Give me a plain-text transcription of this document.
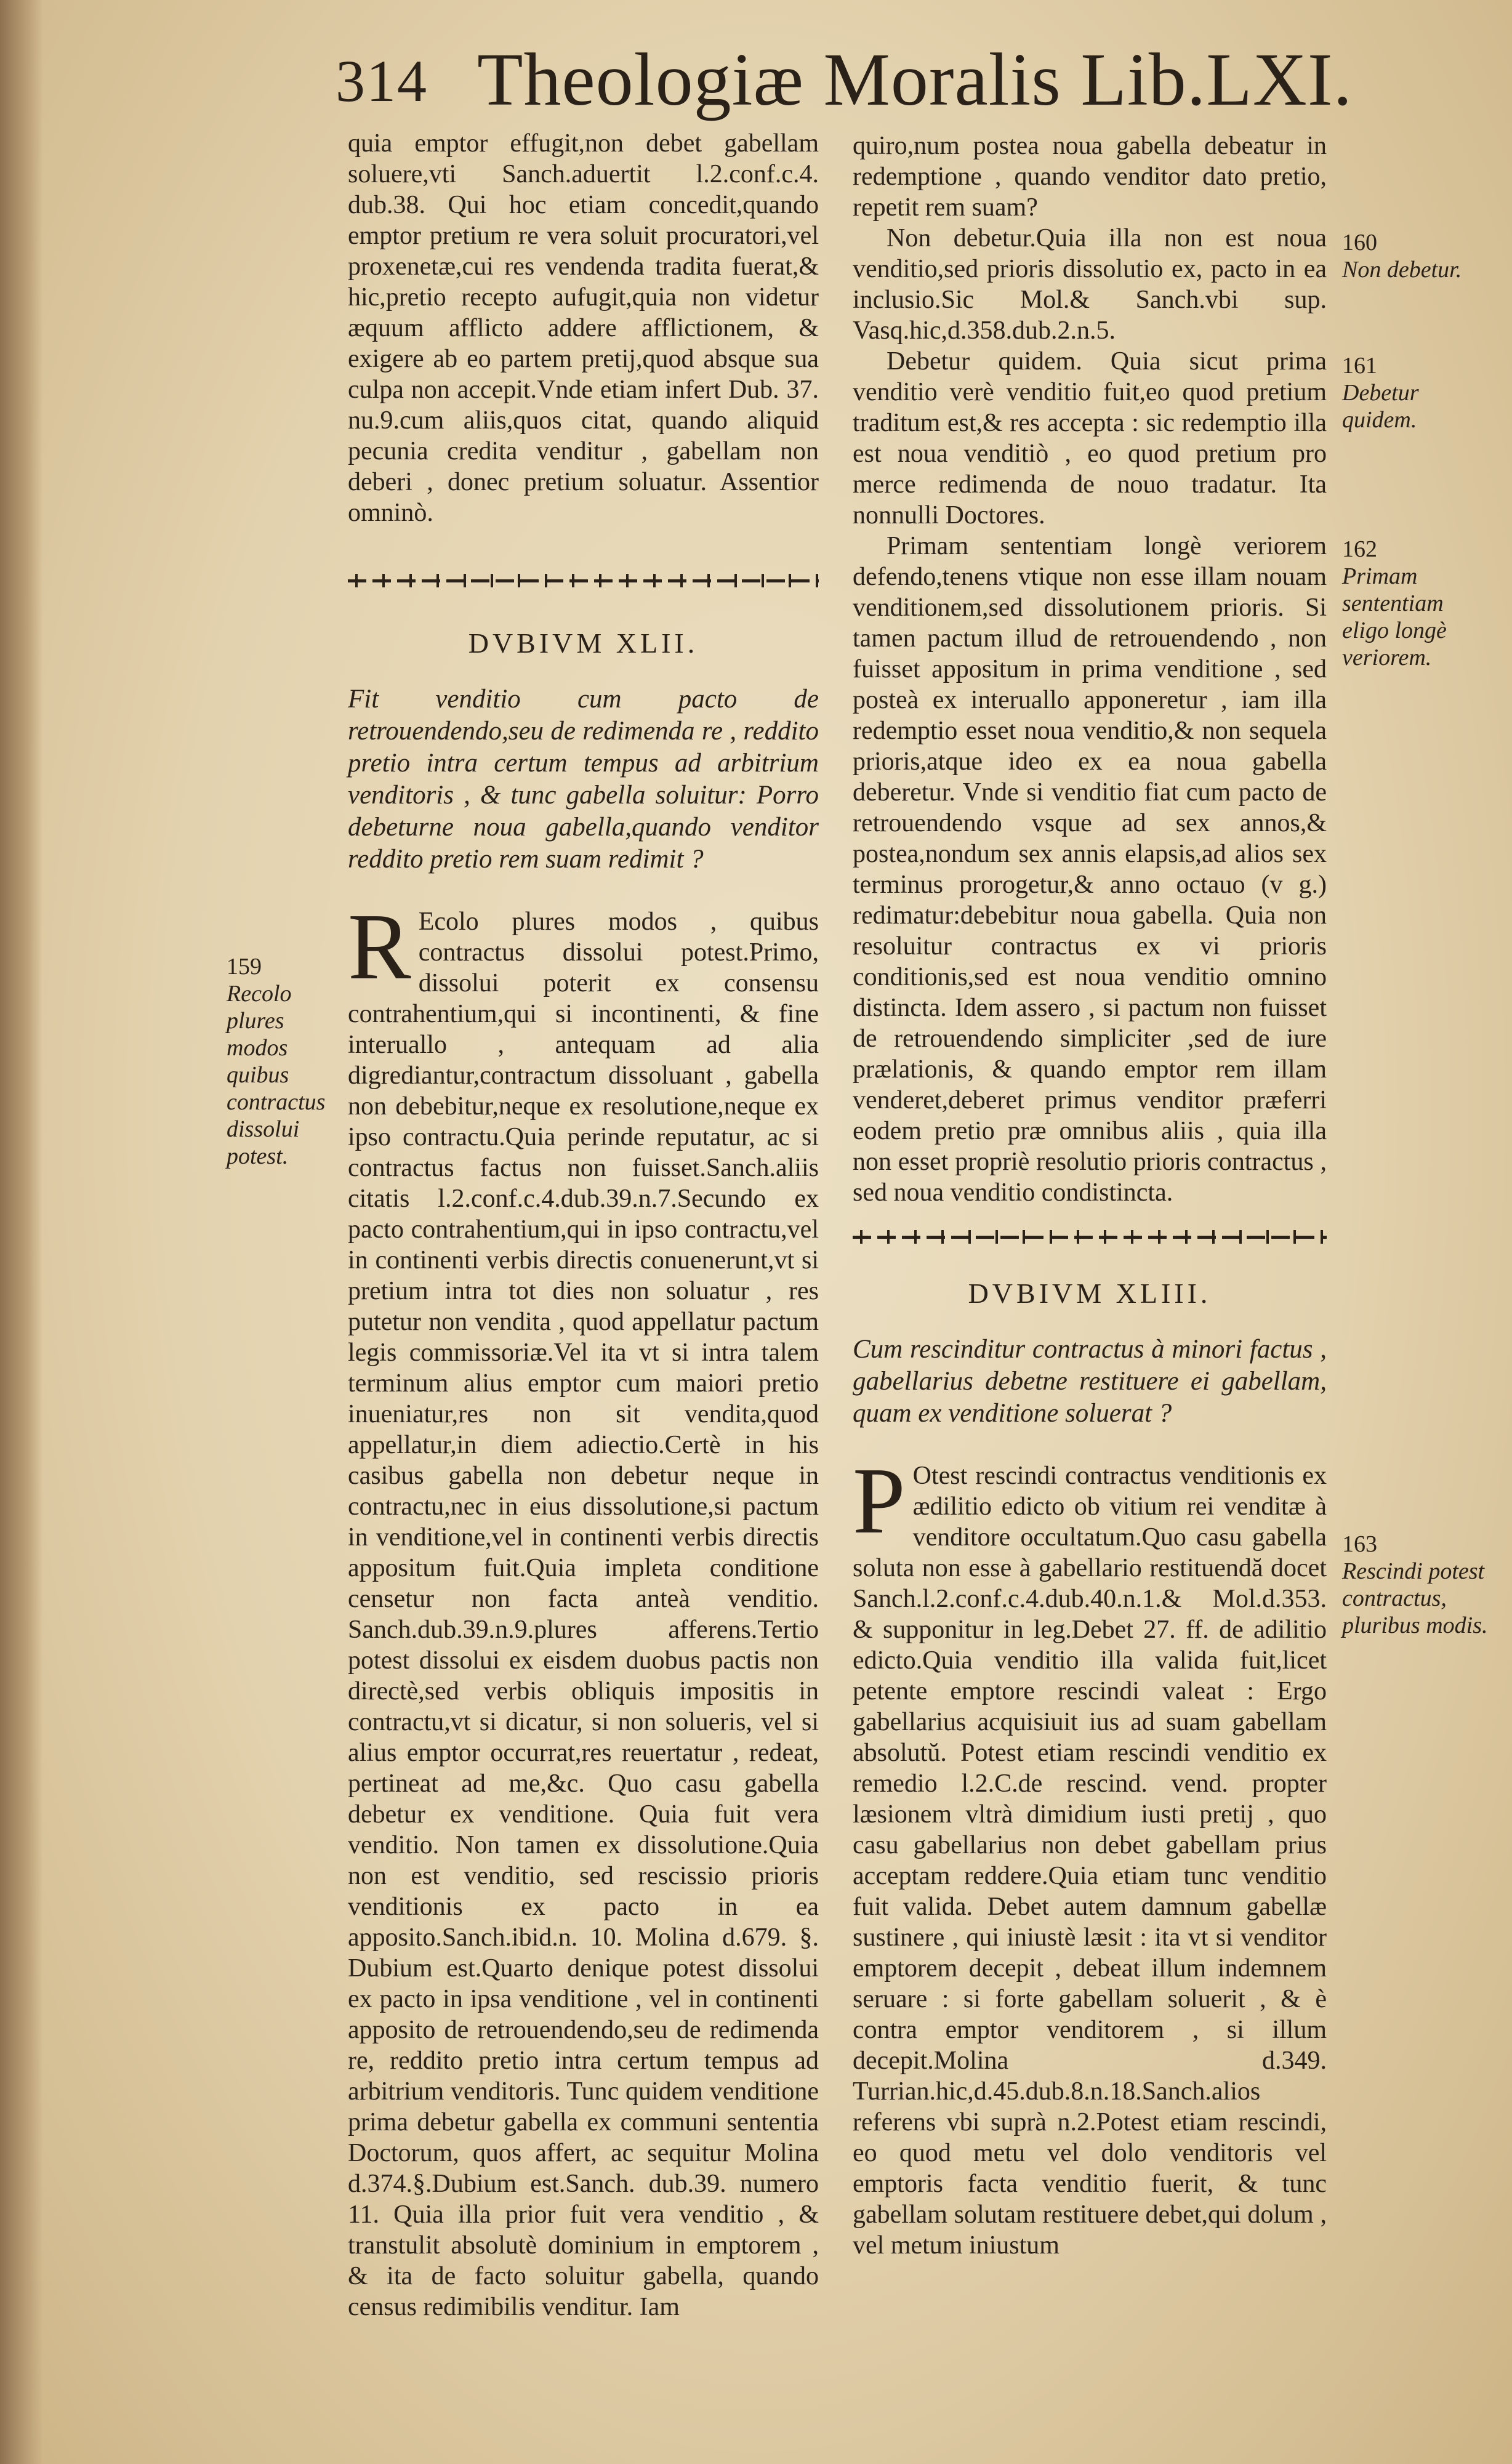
314 Theologiæ Moralis Lib.LXI.

quia emptor effugit,non debet gabellam soluere,vti Sanch.aduertit l.2.conf.c.4. dub.38. Qui hoc etiam concedit,quando emptor pretium re vera soluit procuratori,vel proxenetæ,cui res vendenda tradita fuerat,& hic,pretio recepto aufugit,quia non videtur æquum afflicto addere afflictionem, & exigere ab eo partem pretij,quod absque sua culpa non accepit.Vnde etiam infert Dub. 37. nu.9.cum aliis,quos citat, quando aliquid pecunia credita venditur , gabellam non deberi , donec pretium soluatur. Assentior omninò.

DVBIVM XLII.

Fit venditio cum pacto de retrouendendo,seu de redimenda re , reddito pretio intra certum tempus ad arbitrium venditoris , & tunc gabella soluitur: Porro debeturne noua gabella,quando venditor reddito pretio rem suam redimit ?

R Ecolo plures modos , quibus contractus dissolui potest.Primo, dissolui poterit ex consensu contrahentium,qui si incontinenti, & fine interuallo , antequam ad alia digrediantur,contractum dissoluant , gabella non debebitur,neque ex resolutione,neque ex ipso contractu.Quia perinde reputatur, ac si contractus factus non fuisset.Sanch.aliis citatis l.2.conf.c.4.dub.39.n.7.Secundo ex pacto contrahentium,qui in ipso contractu,vel in continenti verbis directis conuenerunt,vt si pretium intra tot dies non soluatur , res putetur non vendita , quod appellatur pactum legis commissoriæ.Vel ita vt si intra talem terminum alius emptor cum maiori pretio inueniatur,res non sit vendita,quod appellatur,in diem adiectio.Certè in his casibus gabella non debetur neque in contractu,nec in eius dissolutione,si pactum in venditione,vel in continenti verbis directis appositum fuit.Quia impleta conditione censetur non facta anteà venditio. Sanch.dub.39.n.9.plures afferens.Tertio potest dissolui ex eisdem duobus pactis non directè,sed verbis obliquis impositis in contractu,vt si dicatur, si non solueris, vel si alius emptor occurrat,res reuertatur , redeat, pertineat ad me,&c. Quo casu gabella debetur ex venditione. Quia fuit vera venditio. Non tamen ex dissolutione.Quia non est venditio, sed rescissio prioris venditionis ex pacto in ea apposito.Sanch.ibid.n. 10. Molina d.679. §. Dubium est.Quarto denique potest dissolui ex pacto in ipsa venditione , vel in continenti apposito de retrouendendo,seu de redimenda re, reddito pretio intra certum tempus ad arbitrium venditoris. Tunc quidem venditione prima debetur gabella ex communi sententia Doctorum, quos affert, ac sequitur Molina d.374.§.Dubium est.Sanch. dub.39. numero 11. Quia illa prior fuit vera venditio , & transtulit absolutè dominium in emptorem , & ita de facto soluitur gabella, quando census redimibilis venditur. Iam

quiro,num postea noua gabella debeatur in redemptione , quando venditor dato pretio, repetit rem suam?

Non debetur.Quia illa non est noua venditio,sed prioris dissolutio ex, pacto in ea inclusio.Sic Mol.& Sanch.vbi sup. Vasq.hic,d.358.dub.2.n.5.

Debetur quidem. Quia sicut prima venditio verè venditio fuit,eo quod pretium traditum est,& res accepta : sic redemptio illa est noua venditiò , eo quod pretium pro merce redimenda de nouo tradatur. Ita nonnulli Doctores.

Primam sententiam longè veriorem defendo,tenens vtique non esse illam nouam venditionem,sed dissolutionem prioris. Si tamen pactum illud de retrouendendo , non fuisset appositum in prima venditione , sed posteà ex interuallo apponeretur , iam illa redemptio esset noua venditio,& non sequela prioris,atque ideo ex ea noua gabella deberetur. Vnde si venditio fiat cum pacto de retrouendendo vsque ad sex annos,& postea,nondum sex annis elapsis,ad alios sex terminus prorogetur,& anno octauo (v g.) redimatur:debebitur noua gabella. Quia non resoluitur contractus ex vi prioris conditionis,sed est noua venditio omnino distincta. Idem assero , si pactum non fuisset de retrouendendo simpliciter ,sed de iure prælationis, & quando emptor rem illam venderet,deberet primus venditor præferri eodem pretio præ omnibus aliis , quia illa non esset propriè resolutio prioris contractus , sed noua venditio condistincta.

DVBIVM XLIII.

Cum rescinditur contractus à minori factus , gabellarius debetne restituere ei gabellam, quam ex venditione soluerat ?

P Otest rescindi contractus venditionis ex ædilitio edicto ob vitium rei venditæ à venditore occultatum.Quo casu gabella soluta non esse à gabellario restituendă docet Sanch.l.2.conf.c.4.dub.40.n.1.& Mol.d.353. & supponitur in leg.Debet 27. ff. de adilitio edicto.Quia venditio illa valida fuit,licet petente emptore rescindi valeat : Ergo gabellarius acquisiuit ius ad suam gabellam absolutŭ. Potest etiam rescindi venditio ex remedio l.2.C.de rescind. vend. propter læsionem vltrà dimidium iusti pretij , quo casu gabellarius non debet gabellam prius acceptam reddere.Quia etiam tunc venditio fuit valida. Debet autem damnum gabellæ sustinere , qui iniustè læsit : ita vt si venditor emptorem decepit , debeat illum indemnem seruare : si forte gabellam soluerit , & è contra emptor venditorem , si illum decepit.Molina d.349. Turrian.hic,d.45.dub.8.n.18.Sanch.alios referens vbi suprà n.2.Potest etiam rescindi, eo quod metu vel dolo venditoris vel emptoris facta venditio fuerit, & tunc gabellam solutam restituere debet,qui dolum , vel metum iniustum
159
Recolo plures modos quibus contractus dissolui potest.
160
Non debetur.
161
Debetur quidem.
162
Primam sententiam eligo longè veriorem.
163
Rescindi potest contractus, pluribus modis.
